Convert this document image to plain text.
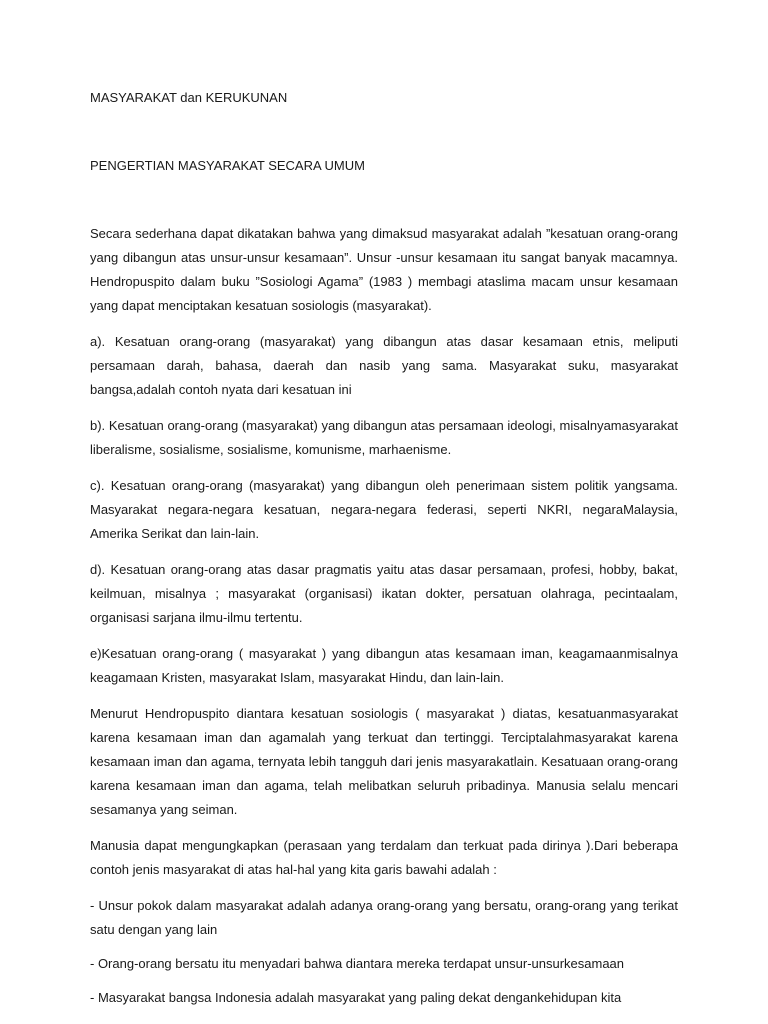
MASYARAKAT dan KERUKUNAN
PENGERTIAN MASYARAKAT SECARA UMUM

Secara sederhana dapat dikatakan bahwa yang dimaksud masyarakat adalah ”kesatuan orang-orang yang dibangun atas unsur-unsur kesamaan”. Unsur -unsur kesamaan itu sangat banyak macamnya. Hendropuspito dalam buku ”Sosiologi Agama” (1983 ) membagi ataslima macam unsur kesamaan yang dapat menciptakan kesatuan sosiologis (masyarakat).

a). Kesatuan orang-orang (masyarakat) yang dibangun atas dasar kesamaan etnis, meliputi persamaan darah, bahasa, daerah dan nasib yang sama. Masyarakat suku, masyarakat bangsa,adalah contoh nyata dari kesatuan ini

b). Kesatuan orang-orang (masyarakat) yang dibangun atas persamaan ideologi, misalnyamasyarakat liberalisme, sosialisme, sosialisme, komunisme, marhaenisme.

c). Kesatuan orang-orang (masyarakat) yang dibangun oleh penerimaan sistem politik yangsama. Masyarakat negara-negara kesatuan, negara-negara federasi, seperti NKRI, negaraMalaysia, Amerika Serikat dan lain-lain.

d). Kesatuan orang-orang atas dasar pragmatis yaitu atas dasar persamaan, profesi, hobby, bakat, keilmuan, misalnya ; masyarakat (organisasi) ikatan dokter, persatuan olahraga, pecintaalam, organisasi sarjana ilmu-ilmu tertentu.

e)Kesatuan orang-orang ( masyarakat ) yang dibangun atas kesamaan iman, keagamaanmisalnya keagamaan Kristen, masyarakat Islam, masyarakat Hindu, dan lain-lain.

Menurut Hendropuspito diantara kesatuan sosiologis ( masyarakat ) diatas, kesatuanmasyarakat karena kesamaan iman dan agamalah yang terkuat dan tertinggi. Terciptalahmasyarakat karena kesamaan iman dan agama, ternyata lebih tangguh dari jenis masyarakatlain. Kesatuaan orang-orang karena kesamaan iman dan agama, telah melibatkan seluruh pribadinya. Manusia selalu mencari sesamanya yang seiman.

Manusia dapat mengungkapkan (perasaan yang terdalam dan terkuat pada dirinya ).Dari beberapa contoh jenis masyarakat di atas hal-hal yang kita garis bawahi adalah :

- Unsur pokok dalam masyarakat adalah adanya orang-orang yang bersatu, orang-orang yang terikat satu dengan yang lain
- Orang-orang bersatu itu menyadari bahwa diantara mereka terdapat unsur-unsurkesamaan
- Masyarakat bangsa Indonesia adalah masyarakat yang paling dekat dengankehidupan kita
